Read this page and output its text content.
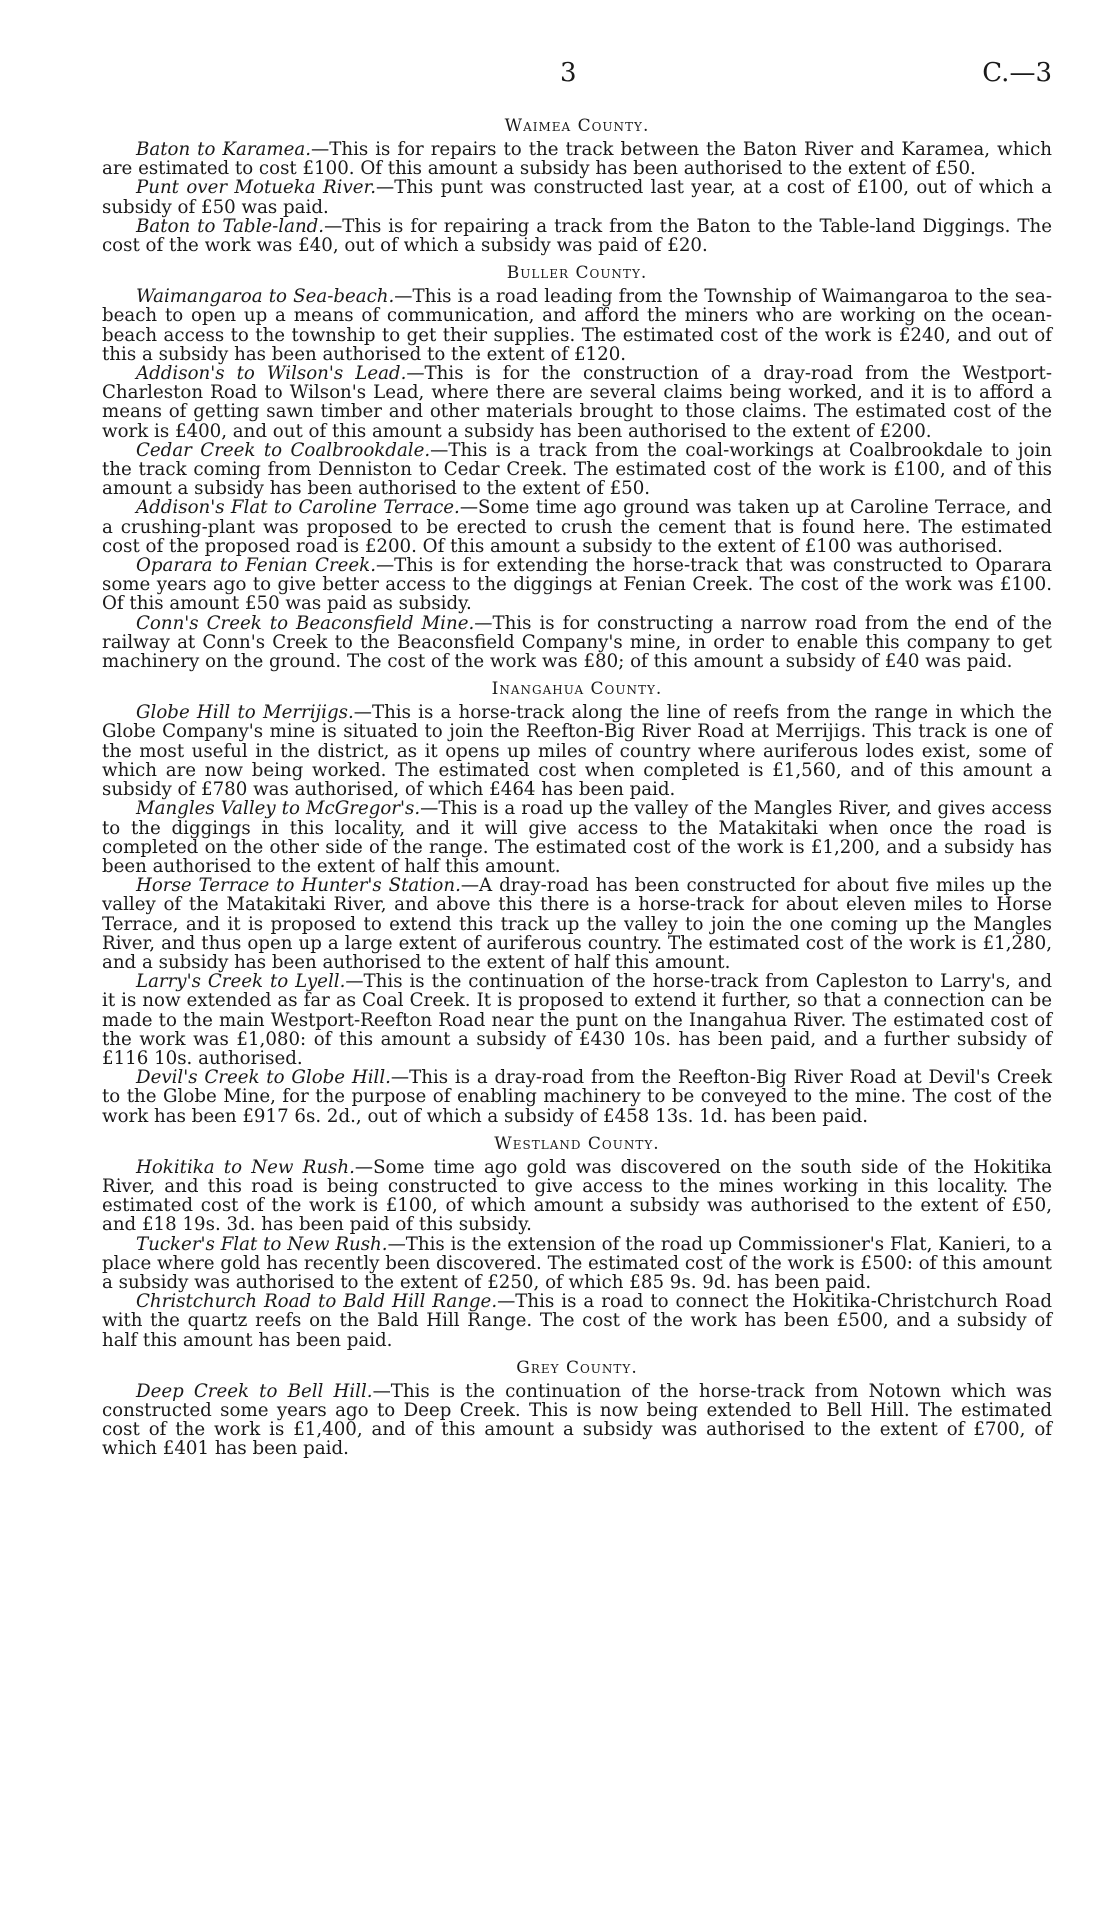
3	C.—3
Waimea County.

Baton to Karamea.—This is for repairs to the track between the Baton River and Karamea, which are estimated to cost £100. Of this amount a subsidy has been authorised to the extent of £50.

Punt over Motueka River.—This punt was constructed last year, at a cost of £100, out of which a subsidy of £50 was paid.

Baton to Table-land.—This is for repairing a track from the Baton to the Table-land Diggings. The cost of the work was £40, out of which a subsidy was paid of £20.

Buller County.

Waimangaroa to Sea-beach.—This is a road leading from the Township of Waimangaroa to the sea-beach to open up a means of communication, and afford the miners who are working on the ocean-beach access to the township to get their supplies. The estimated cost of the work is £240, and out of this a subsidy has been authorised to the extent of £120.

Addison's to Wilson's Lead.—This is for the construction of a dray-road from the Westport-Charleston Road to Wilson's Lead, where there are several claims being worked, and it is to afford a means of getting sawn timber and other materials brought to those claims. The estimated cost of the work is £400, and out of this amount a subsidy has been authorised to the extent of £200.

Cedar Creek to Coalbrookdale.—This is a track from the coal-workings at Coalbrookdale to join the track coming from Denniston to Cedar Creek. The estimated cost of the work is £100, and of this amount a subsidy has been authorised to the extent of £50.

Addison's Flat to Caroline Terrace.—Some time ago ground was taken up at Caroline Terrace, and a crushing-plant was proposed to be erected to crush the cement that is found here. The estimated cost of the proposed road is £200. Of this amount a subsidy to the extent of £100 was authorised.

Oparara to Fenian Creek.—This is for extending the horse-track that was constructed to Oparara some years ago to give better access to the diggings at Fenian Creek. The cost of the work was £100. Of this amount £50 was paid as subsidy.

Conn's Creek to Beaconsfield Mine.—This is for constructing a narrow road from the end of the railway at Conn's Creek to the Beaconsfield Company's mine, in order to enable this company to get machinery on the ground. The cost of the work was £80; of this amount a subsidy of £40 was paid.

Inangahua County.

Globe Hill to Merrijigs.—This is a horse-track along the line of reefs from the range in which the Globe Company's mine is situated to join the Reefton-Big River Road at Merrijigs. This track is one of the most useful in the district, as it opens up miles of country where auriferous lodes exist, some of which are now being worked. The estimated cost when completed is £1,560, and of this amount a subsidy of £780 was authorised, of which £464 has been paid.

Mangles Valley to McGregor's.—This is a road up the valley of the Mangles River, and gives access to the diggings in this locality, and it will give access to the Matakitaki when once the road is completed on the other side of the range. The estimated cost of the work is £1,200, and a subsidy has been authorised to the extent of half this amount.

Horse Terrace to Hunter's Station.—A dray-road has been constructed for about five miles up the valley of the Matakitaki River, and above this there is a horse-track for about eleven miles to Horse Terrace, and it is proposed to extend this track up the valley to join the one coming up the Mangles River, and thus open up a large extent of auriferous country. The estimated cost of the work is £1,280, and a subsidy has been authorised to the extent of half this amount.

Larry's Creek to Lyell.—This is the continuation of the horse-track from Capleston to Larry's, and it is now extended as far as Coal Creek. It is proposed to extend it further, so that a connection can be made to the main Westport-Reefton Road near the punt on the Inangahua River. The estimated cost of the work was £1,080: of this amount a subsidy of £430 10s. has been paid, and a further subsidy of £116 10s. authorised.

Devil's Creek to Globe Hill.—This is a dray-road from the Reefton-Big River Road at Devil's Creek to the Globe Mine, for the purpose of enabling machinery to be conveyed to the mine. The cost of the work has been £917 6s. 2d., out of which a subsidy of £458 13s. 1d. has been paid.

Westland County.

Hokitika to New Rush.—Some time ago gold was discovered on the south side of the Hokitika River, and this road is being constructed to give access to the mines working in this locality. The estimated cost of the work is £100, of which amount a subsidy was authorised to the extent of £50, and £18 19s. 3d. has been paid of this subsidy.

Tucker's Flat to New Rush.—This is the extension of the road up Commissioner's Flat, Kanieri, to a place where gold has recently been discovered. The estimated cost of the work is £500: of this amount a subsidy was authorised to the extent of £250, of which £85 9s. 9d. has been paid.

Christchurch Road to Bald Hill Range.—This is a road to connect the Hokitika-Christchurch Road with the quartz reefs on the Bald Hill Range. The cost of the work has been £500, and a subsidy of half this amount has been paid.

Grey County.

Deep Creek to Bell Hill.—This is the continuation of the horse-track from Notown which was constructed some years ago to Deep Creek. This is now being extended to Bell Hill. The estimated cost of the work is £1,400, and of this amount a subsidy was authorised to the extent of £700, of which £401 has been paid.
